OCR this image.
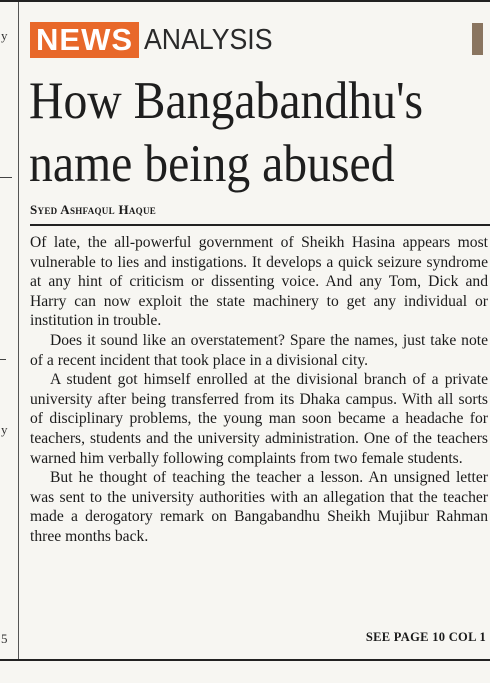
y
y
5
NEWS ANALYSIS
How Bangabandhu's name being abused
Syed Ashfaqul Haque

Of late, the all-powerful government of Sheikh Hasina appears most vulnerable to lies and instigations. It develops a quick seizure syndrome at any hint of criticism or dissenting voice. And any Tom, Dick and Harry can now exploit the state machinery to get any individual or institution in trouble.

Does it sound like an overstatement? Spare the names, just take note of a recent incident that took place in a divisional city.

A student got himself enrolled at the divisional branch of a private university after being transferred from its Dhaka campus. With all sorts of disciplinary problems, the young man soon became a headache for teachers, students and the university administration. One of the teachers warned him verbally following complaints from two female students.

But he thought of teaching the teacher a lesson. An unsigned letter was sent to the university authorities with an allegation that the teacher made a derogatory remark on Bangabandhu Sheikh Mujibur Rahman three months back.

SEE PAGE 10 COL 1
